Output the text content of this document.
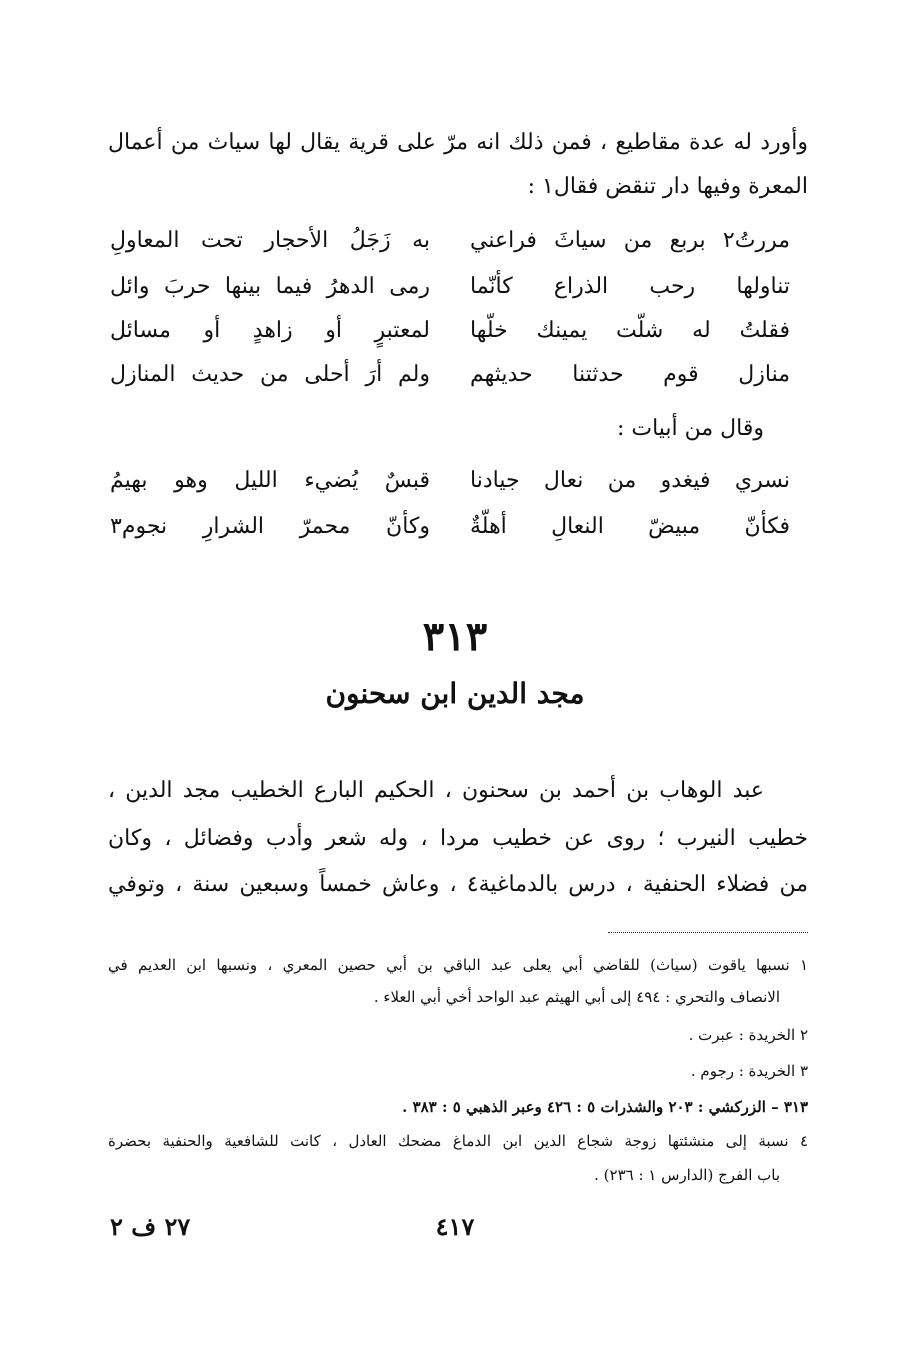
وأورد له عدة مقاطيع ، فمن ذلك انه مرّ على قرية يقال لها سياث من أعمال
المعرة وفيها دار تنقض فقال١ :
مررتُ٢ بربع من سياثَ فراعني
به زَجَلُ الأحجار تحت المعاولِ
تناولها رحب الذراع كأنّما
رمى الدهرُ فيما بينها حربَ وائل
فقلتُ له شلّت يمينك خلّها
لمعتبرٍ أو زاهدٍ أو مسائل
منازل قوم حدثتنا حديثهم
ولم أرَ أحلى من حديث المنازل
وقال من أبيات :
نسري فيغدو من نعال جيادنا
قبسٌ يُضيء الليل وهو بهيمُ
فكأنّ مبيضّ النعالِ أهلّةٌ
وكأنّ محمرّ الشرارِ نجوم٣
٣١٣
مجد الدين ابن سحنون
عبد الوهاب بن أحمد بن سحنون ، الحكيم البارع الخطيب مجد الدين ،
خطيب النيرب ؛ روى عن خطيب مردا ، وله شعر وأدب وفضائل ، وكان
من فضلاء الحنفية ، درس بالدماغية٤ ، وعاش خمساً وسبعين سنة ، وتوفي
١ نسبها ياقوت (سياث) للقاضي أبي يعلى عبد الباقي بن أبي حصين المعري ، ونسبها ابن العديم في
الانصاف والتحري : ٤٩٤ إلى أبي الهيثم عبد الواحد أخي أبي العلاء .
٢ الخريدة : عبرت .
٣ الخريدة : رجوم .
٣١٣ – الزركشي : ٢٠٣ والشذرات ٥ : ٤٢٦ وعبر الذهبي ٥ : ٣٨٣ .
٤ نسبة إلى منشئتها زوجة شجاع الدين ابن الدماغ مضحك العادل ، كانت للشافعية والحنفية بحضرة
باب الفرج (الدارس ١ : ٢٣٦) .
٤١٧
٢٧ ف ٢
